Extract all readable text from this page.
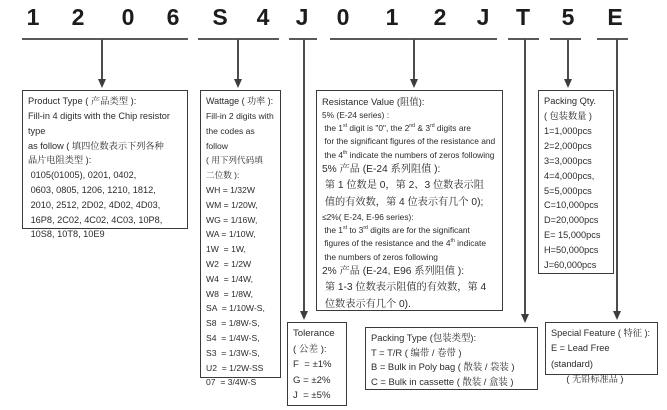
1	2	0	6	S	4	J	0	1	2	J	T	5	E
Product Type ( 产品类型 ):
Fill-in 4 digits with the Chip resistor type
as follow ( 填四位数表示下列各种
晶片电阻类型 ):
0105(01005), 0201, 0402,
0603, 0805, 1206, 1210, 1812,
2010, 2512, 2D02, 4D02, 4D03,
16P8, 2C02, 4C02, 4C03, 10P8,
10S8, 10T8, 10E9
Wattage ( 功率 ):
Fill-in 2 digits with
the codes as follow
( 用下列代码填
二位数 ):
WH = 1/32W
WM = 1/20W,
WG = 1/16W,
WA = 1/10W,
1W  = 1W,
W2  = 1/2W
W4  = 1/4W,
W8  = 1/8W,
SA  = 1/10W-S,
S8  = 1/8W-S,
S4  = 1/4W-S,
S3  = 1/3W-S,
U2  = 1/2W-SS
07  = 3/4W-S
Resistance Value (阻值):
5% (E-24 series) :
the 1st digit is "0", the 2nd & 3rd digits are
for the significant figures of the resistance and
the 4th indicate the numbers of zeros following
5% 产品 (E-24 系列阻值 ):
第 1 位数是 0，第 2、3 位数表示阻
值的有效数，第 4 位表示有几个 0);
≤2%( E-24, E-96 series):
the 1st to 3rd digits are for the significant
figures of the resistance and the 4th indicate
the numbers of zeros following
2% 产品 (E-24, E96 系列阻值 ):
第 1-3 位数表示阻值的有效数，第 4
位数表示有几个 0).
Packing Qty.
( 包装数量 )
1=1,000pcs
2=2,000pcs
3=3,000pcs
4=4,000pcs,
5=5,000pcs
C=10,000pcs
D=20,000pcs
E= 15,000pcs
H=50,000pcs
J=60,000pcs
Tolerance
( 公差 ):
F  = ±1%
G = ±2%
J  = ±5%
Packing Type (包装类型):
T = T/R ( 编带 / 卷带 )
B = Bulk in Poly bag ( 散装 / 袋装 )
C = Bulk in cassette ( 散装 / 盒装 )
Special Feature ( 特征 ):
E = Lead Free (standard)
( 无铅标准品 )
